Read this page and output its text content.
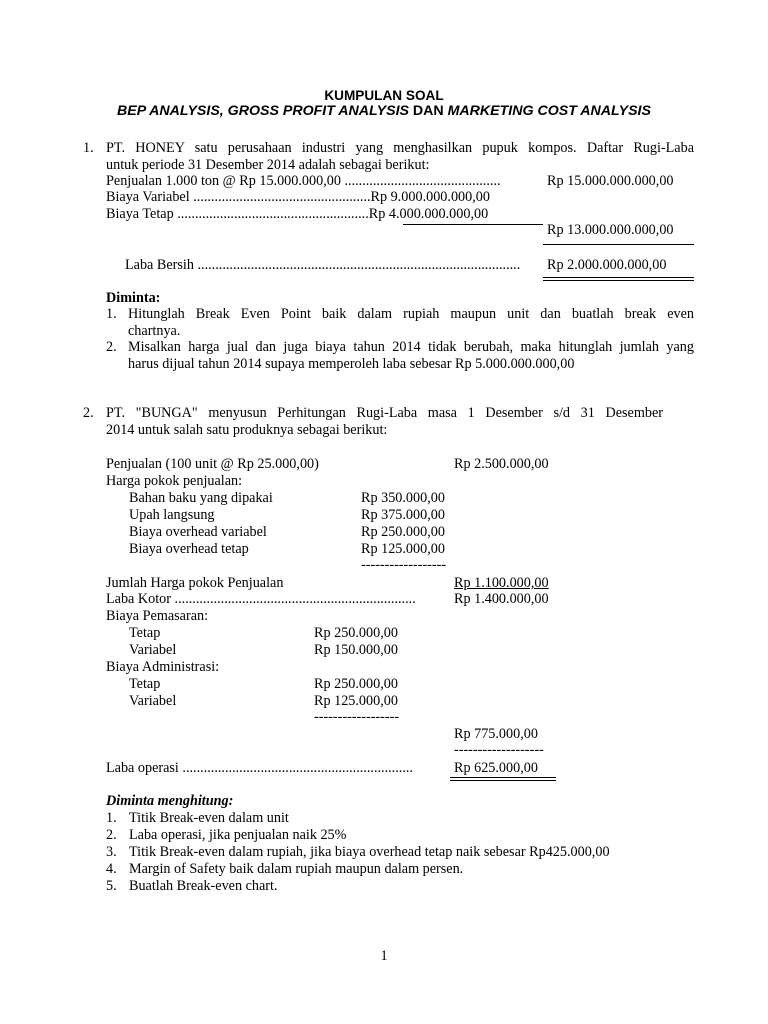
KUMPULAN SOAL
BEP ANALYSIS, GROSS PROFIT ANALYSIS DAN MARKETING COST ANALYSIS
1. PT. HONEY satu perusahaan industri yang menghasilkan pupuk kompos. Daftar Rugi-Laba
untuk periode 31 Desember 2014 adalah sebagai berikut:
Penjualan 1.000 ton @ Rp 15.000.000,00 ............................................	Rp 15.000.000.000,00
Biaya Variabel ..................................................Rp 9.000.000.000,00
Biaya Tetap ......................................................Rp 4.000.000.000,00
Rp 13.000.000.000,00
Laba Bersih ........................................................................................... Rp 2.000.000.000,00
Diminta:
1. Hitunglah Break Even Point baik dalam rupiah maupun unit dan buatlah break even
chartnya.
2. Misalkan harga jual dan juga biaya tahun 2014 tidak berubah, maka hitunglah jumlah yang
harus dijual tahun 2014 supaya memperoleh laba sebesar Rp 5.000.000.000,00
2. PT. "BUNGA" menyusun Perhitungan Rugi-Laba masa 1 Desember s/d 31 Desember
2014 untuk salah satu produknya sebagai berikut:
Penjualan (100 unit @ Rp 25.000,00)	Rp 2.500.000,00
Harga pokok penjualan:
Bahan baku yang dipakai	Rp 350.000,00
Upah langsung	Rp 375.000,00
Biaya overhead variabel	Rp 250.000,00
Biaya overhead tetap	Rp 125.000,00
------------------
Jumlah Harga pokok Penjualan	Rp 1.100.000,00
Laba Kotor ....................................................................	Rp 1.400.000,00
Biaya Pemasaran:
Tetap	Rp 250.000,00
Variabel	Rp 150.000,00
Biaya Administrasi:
Tetap	Rp 250.000,00
Variabel	Rp 125.000,00
------------------
Rp 775.000,00
-------------------
Laba operasi .................................................................	Rp 625.000,00
Diminta menghitung:
1. Titik Break-even dalam unit
2. Laba operasi, jika penjualan naik 25%
3. Titik Break-even dalam rupiah, jika biaya overhead tetap naik sebesar Rp425.000,00
4. Margin of Safety baik dalam rupiah maupun dalam persen.
5. Buatlah Break-even chart.
1
